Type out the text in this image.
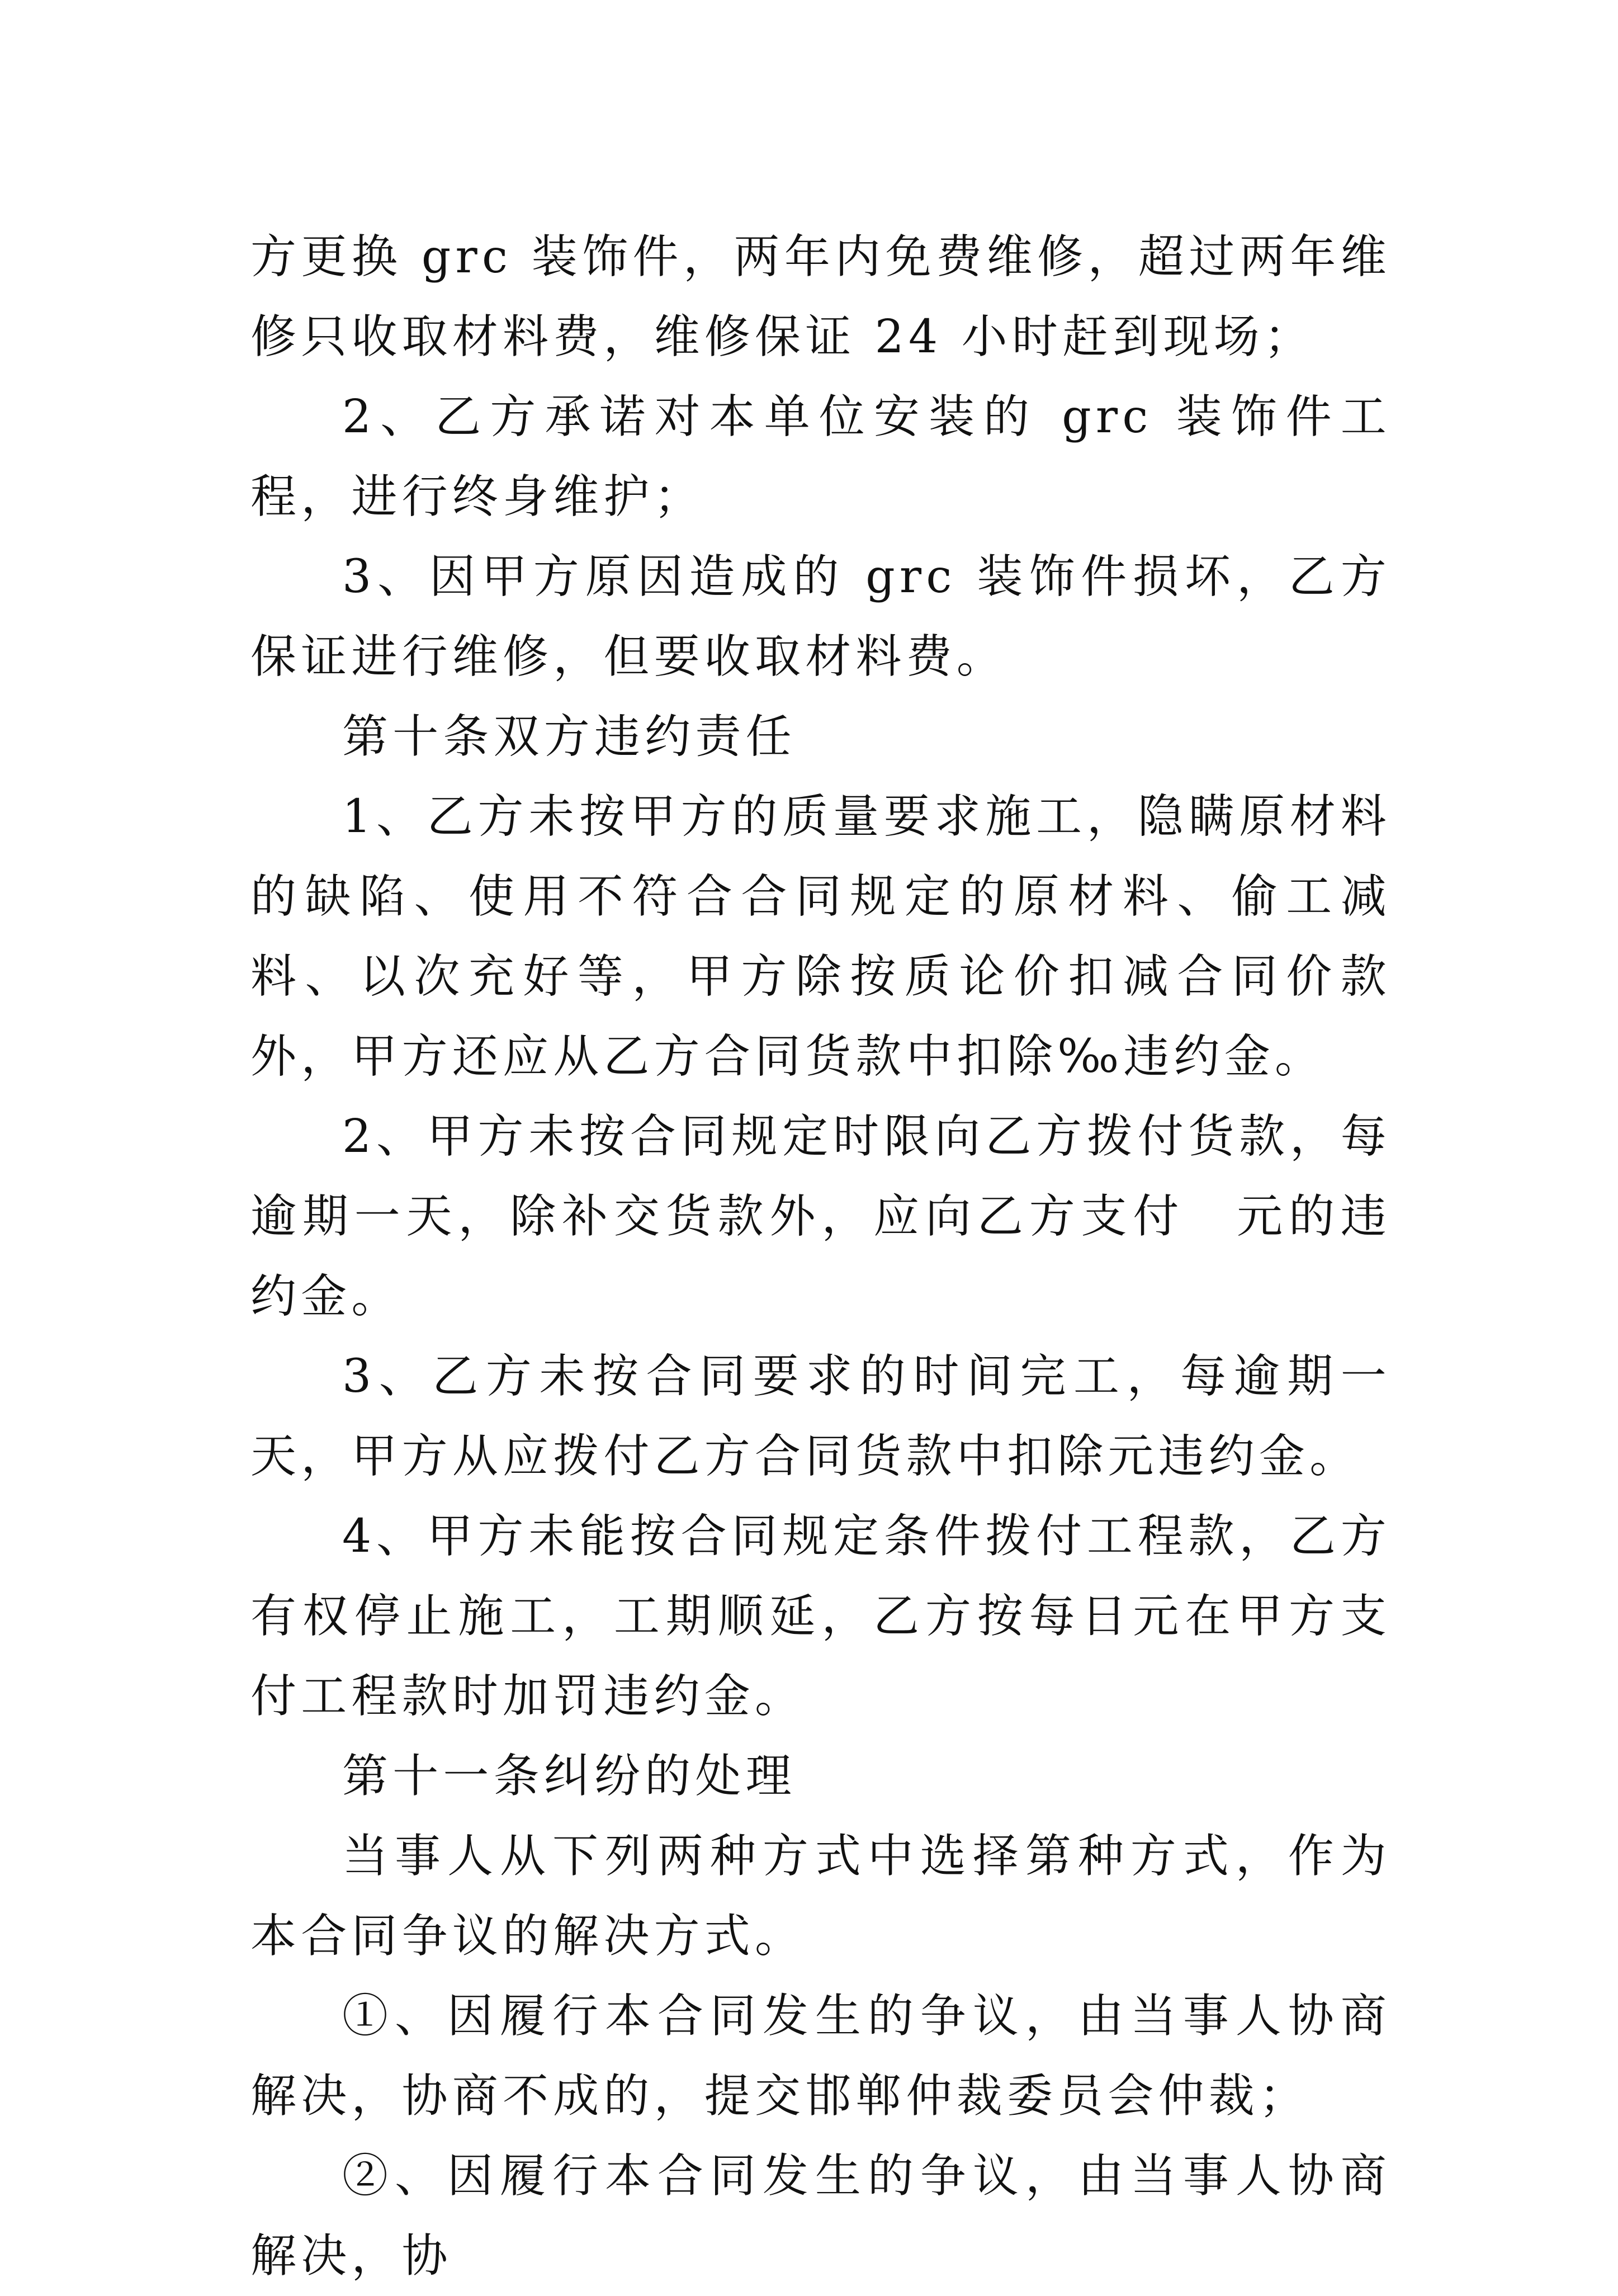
方更换 grc 装饰件，两年内免费维修，超过两年维修只收取材料费，维修保证 24 小时赶到现场；

2、乙方承诺对本单位安装的 grc 装饰件工程，进行终身维护；

3、因甲方原因造成的 grc 装饰件损坏，乙方保证进行维修，但要收取材料费。

第十条双方违约责任

1、乙方未按甲方的质量要求施工，隐瞒原材料的缺陷、使用不符合合同规定的原材料、偷工减料、以次充好等，甲方除按质论价扣减合同价款外，甲方还应从乙方合同货款中扣除‰违约金。

2、甲方未按合同规定时限向乙方拨付货款，每逾期一天，除补交货款外，应向乙方支付　元的违约金。

3、乙方未按合同要求的时间完工，每逾期一天，甲方从应拨付乙方合同货款中扣除元违约金。

4、甲方未能按合同规定条件拨付工程款，乙方有权停止施工，工期顺延，乙方按每日元在甲方支付工程款时加罚违约金。

第十一条纠纷的处理

当事人从下列两种方式中选择第种方式，作为本合同争议的解决方式。

①、因履行本合同发生的争议，由当事人协商解决，协商不成的，提交邯郸仲裁委员会仲裁；

②、因履行本合同发生的争议，由当事人协商解决，协
